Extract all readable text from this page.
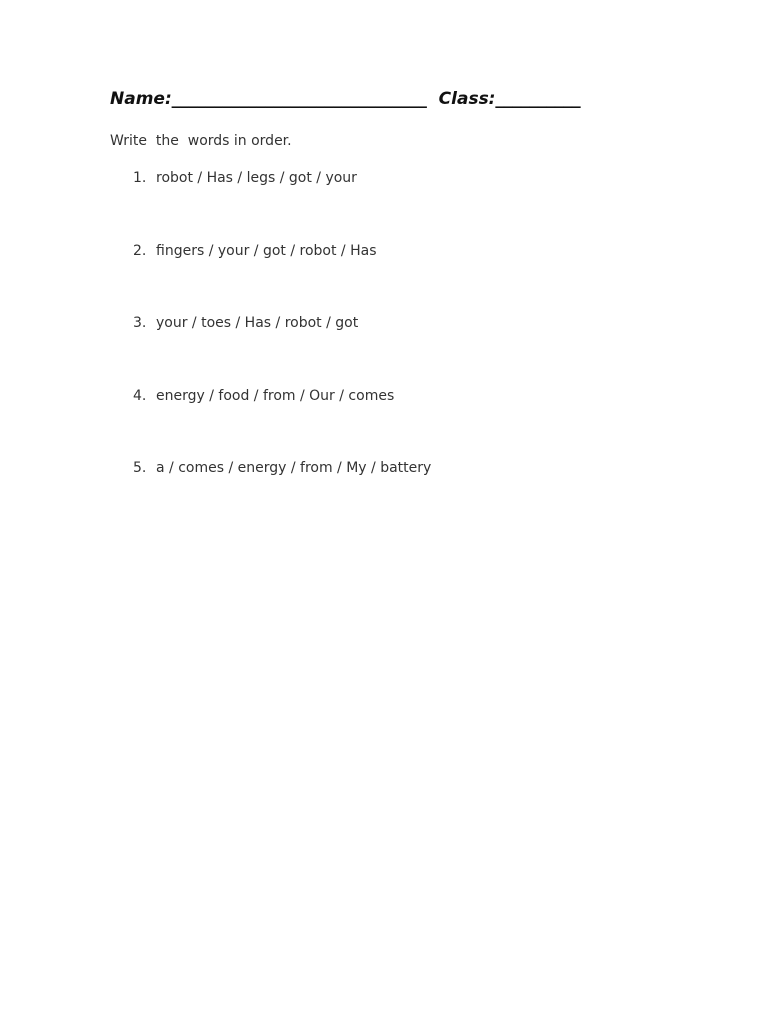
Name:______________________________ Class:__________
Write  the  words in order.
1. robot / Has / legs / got / your
2. fingers / your / got / robot / Has
3. your / toes / Has / robot / got
4. energy / food / from / Our / comes
5. a / comes / energy / from / My / battery
